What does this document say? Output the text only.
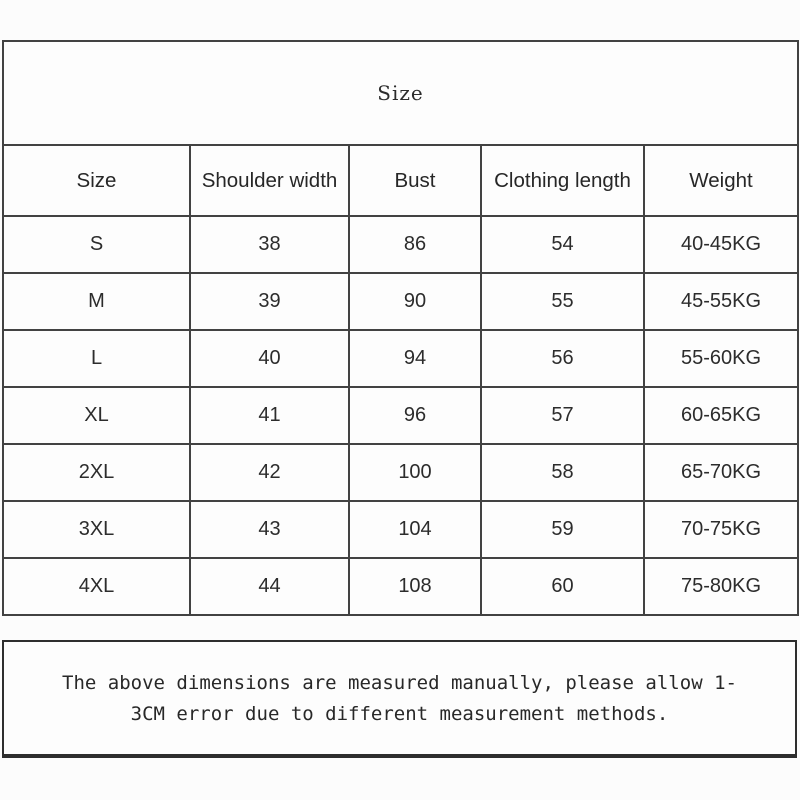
Size				
Size	Shoulder width	Bust	Clothing length	Weight
S	38	86	54	40-45KG
M	39	90	55	45-55KG
L	40	94	56	55-60KG
XL	41	96	57	60-65KG
2XL	42	100	58	65-70KG
3XL	43	104	59	70-75KG
4XL	44	108	60	75-80KG
The above dimensions are measured manually, please allow 1-
3CM error due to different measurement methods.
